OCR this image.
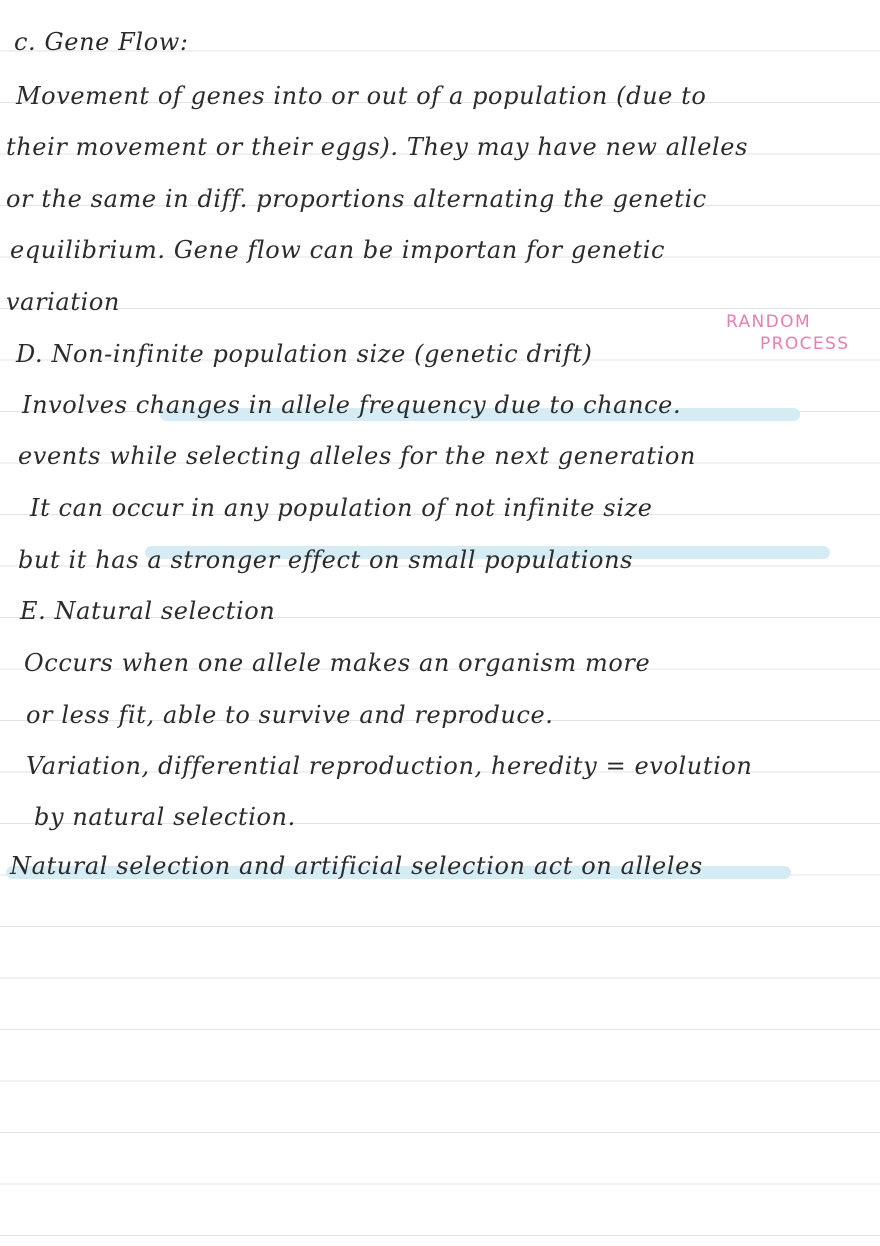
c. Gene Flow:
Movement of genes into or out of a population (due to
their movement or their eggs). They may have new alleles
or the same in diff. proportions alternating the genetic
equilibrium. Gene flow can be importan for genetic
variation
RANDOM
PROCESS
D. Non-infinite population size (genetic drift)
Involves changes in allele frequency due to chance.
events while selecting alleles for the next generation
It can occur in any population of not infinite size
but it has a stronger effect on small populations
E. Natural selection
Occurs when one allele makes an organism more
or less fit, able to survive and reproduce.
Variation, differential reproduction, heredity = evolution
by natural selection.
Natural selection and artificial selection act on alleles
